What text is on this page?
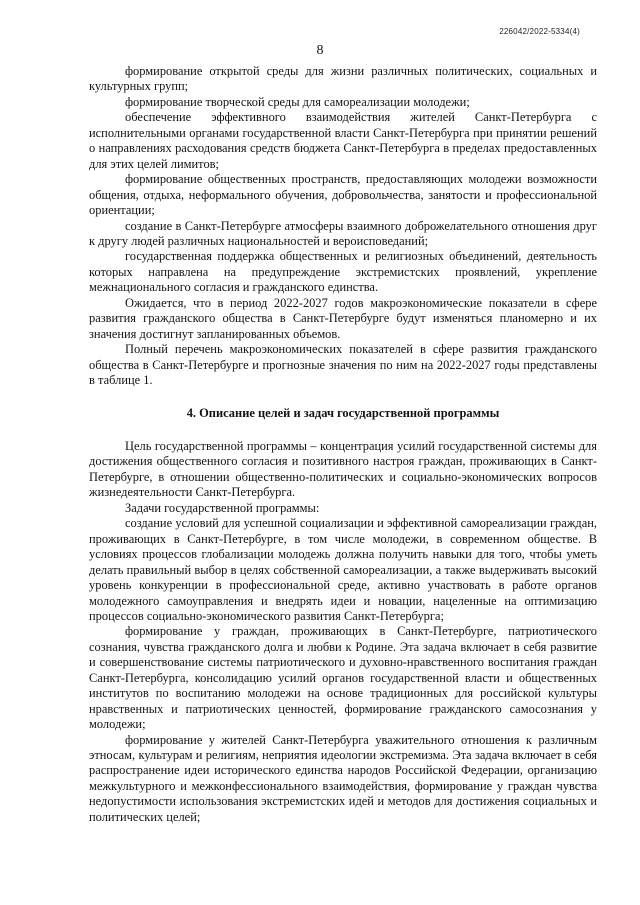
226042/2022-5334(4)
8

формирование открытой среды для жизни различных политических, социальных и культурных групп;

формирование творческой среды для самореализации молодежи;

обеспечение эффективного взаимодействия жителей Санкт-Петербурга с исполнительными органами государственной власти Санкт-Петербурга при принятии решений о направлениях расходования средств бюджета Санкт-Петербурга в пределах предоставленных для этих целей лимитов;

формирование общественных пространств, предоставляющих молодежи возможности общения, отдыха, неформального обучения, добровольчества, занятости и профессиональной ориентации;

создание в Санкт-Петербурге атмосферы взаимного доброжелательного отношения друг к другу людей различных национальностей и вероисповеданий;

государственная поддержка общественных и религиозных объединений, деятельность которых направлена на предупреждение экстремистских проявлений, укрепление межнационального согласия и гражданского единства.

Ожидается, что в период 2022-2027 годов макроэкономические показатели в сфере развития гражданского общества в Санкт-Петербурге будут изменяться планомерно и их значения достигнут запланированных объемов.

Полный перечень макроэкономических показателей в сфере развития гражданского общества в Санкт-Петербурге и прогнозные значения по ним на 2022-2027 годы представлены в таблице 1.

4. Описание целей и задач государственной программы

Цель государственной программы – концентрация усилий государственной системы для достижения общественного согласия и позитивного настроя граждан, проживающих в Санкт-Петербурге, в отношении общественно-политических и социально-экономических вопросов жизнедеятельности Санкт-Петербурга.

Задачи государственной программы:

создание условий для успешной социализации и эффективной самореализации граждан, проживающих в Санкт-Петербурге, в том числе молодежи, в современном обществе. В условиях процессов глобализации молодежь должна получить навыки для того, чтобы уметь делать правильный выбор в целях собственной самореализации, а также выдерживать высокий уровень конкуренции в профессиональной среде, активно участвовать в работе органов молодежного самоуправления и внедрять идеи и новации, нацеленные на оптимизацию процессов социально-экономического развития Санкт-Петербурга;

формирование у граждан, проживающих в Санкт-Петербурге, патриотического сознания, чувства гражданского долга и любви к Родине. Эта задача включает в себя развитие и совершенствование системы патриотического и духовно-нравственного воспитания граждан Санкт-Петербурга, консолидацию усилий органов государственной власти и общественных институтов по воспитанию молодежи на основе традиционных для российской культуры нравственных и патриотических ценностей, формирование гражданского самосознания у молодежи;

формирование у жителей Санкт-Петербурга уважительного отношения к различным этносам, культурам и религиям, неприятия идеологии экстремизма. Эта задача включает в себя распространение идеи исторического единства народов Российской Федерации, организацию межкультурного и межконфессионального взаимодействия, формирование у граждан чувства недопустимости использования экстремистских идей и методов для достижения социальных и политических целей;
